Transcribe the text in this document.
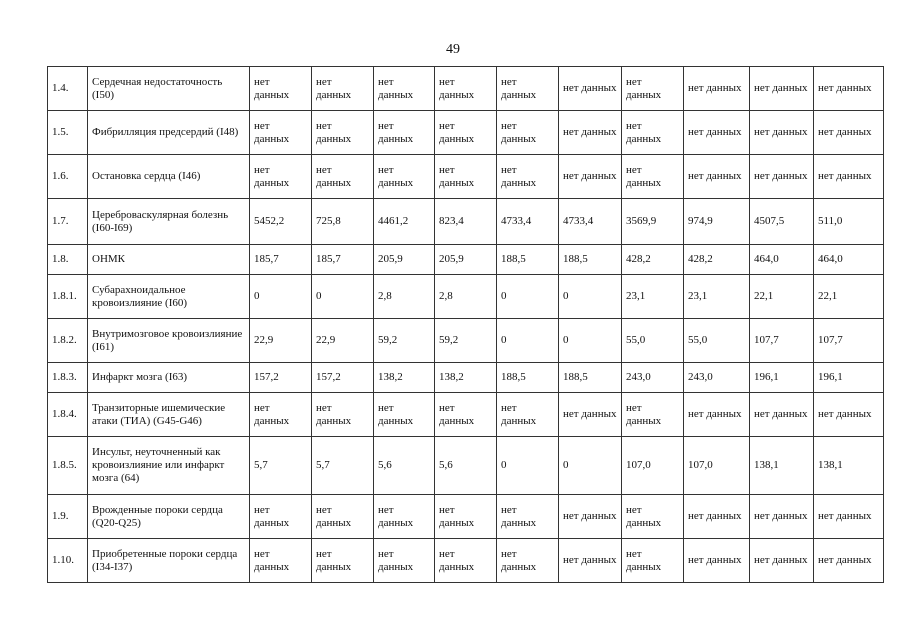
49
1.4.	Сердечная недостаточность (I50)	нет данных	нет данных	нет данных	нет данных	нет данных	нет данных	нет данных	нет данных	нет данных	нет данных
1.5.	Фибрилляция предсердий (I48)	нет данных	нет данных	нет данных	нет данных	нет данных	нет данных	нет данных	нет данных	нет данных	нет данных
1.6.	Остановка сердца (I46)	нет данных	нет данных	нет данных	нет данных	нет данных	нет данных	нет данных	нет данных	нет данных	нет данных
1.7.	Цереброваскулярная болезнь (I60-I69)	5452,2	725,8	4461,2	823,4	4733,4	4733,4	3569,9	974,9	4507,5	511,0
1.8.	ОНМК	185,7	185,7	205,9	205,9	188,5	188,5	428,2	428,2	464,0	464,0
1.8.1.	Субарахноидальное кровоизлияние (I60)	0	0	2,8	2,8	0	0	23,1	23,1	22,1	22,1
1.8.2.	Внутримозговое кровоизлияние (I61)	22,9	22,9	59,2	59,2	0	0	55,0	55,0	107,7	107,7
1.8.3.	Инфаркт мозга (I63)	157,2	157,2	138,2	138,2	188,5	188,5	243,0	243,0	196,1	196,1
1.8.4.	Транзиторные ишемические атаки (ТИА) (G45-G46)	нет данных	нет данных	нет данных	нет данных	нет данных	нет данных	нет данных	нет данных	нет данных	нет данных
1.8.5.	Инсульт, неуточненный как кровоизлияние или инфаркт мозга (64)	5,7	5,7	5,6	5,6	0	0	107,0	107,0	138,1	138,1
1.9.	Врожденные пороки сердца (Q20-Q25)	нет данных	нет данных	нет данных	нет данных	нет данных	нет данных	нет данных	нет данных	нет данных	нет данных
1.10.	Приобретенные пороки сердца (I34-I37)	нет данных	нет данных	нет данных	нет данных	нет данных	нет данных	нет данных	нет данных	нет данных	нет данных
